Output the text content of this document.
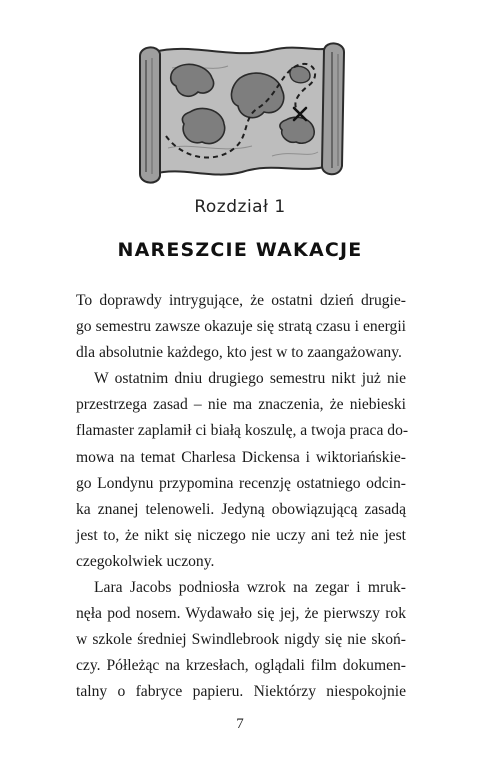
Rozdział 1
NARESZCIE WAKACJE
To doprawdy intrygujące, że ostatni dzień drugie-
go semestru zawsze okazuje się stratą czasu i energii
dla absolutnie każdego, kto jest w to zaangażowany.
W ostatnim dniu drugiego semestru nikt już nie
przestrzega zasad – nie ma znaczenia, że niebieski
flamaster zaplamił ci białą koszulę, a twoja praca do-
mowa na temat Charlesa Dickensa i wiktoriańskie-
go Londynu przypomina recenzję ostatniego odcin-
ka znanej telenoweli. Jedyną obowiązującą zasadą
jest to, że nikt się niczego nie uczy ani też nie jest
czegokolwiek uczony.
Lara Jacobs podniosła wzrok na zegar i mruk-
nęła pod nosem. Wydawało się jej, że pierwszy rok
w szkole średniej Swindlebrook nigdy się nie skoń-
czy. Półleżąc na krzesłach, oglądali film dokumen-
talny o fabryce papieru. Niektórzy niespokojnie
7
